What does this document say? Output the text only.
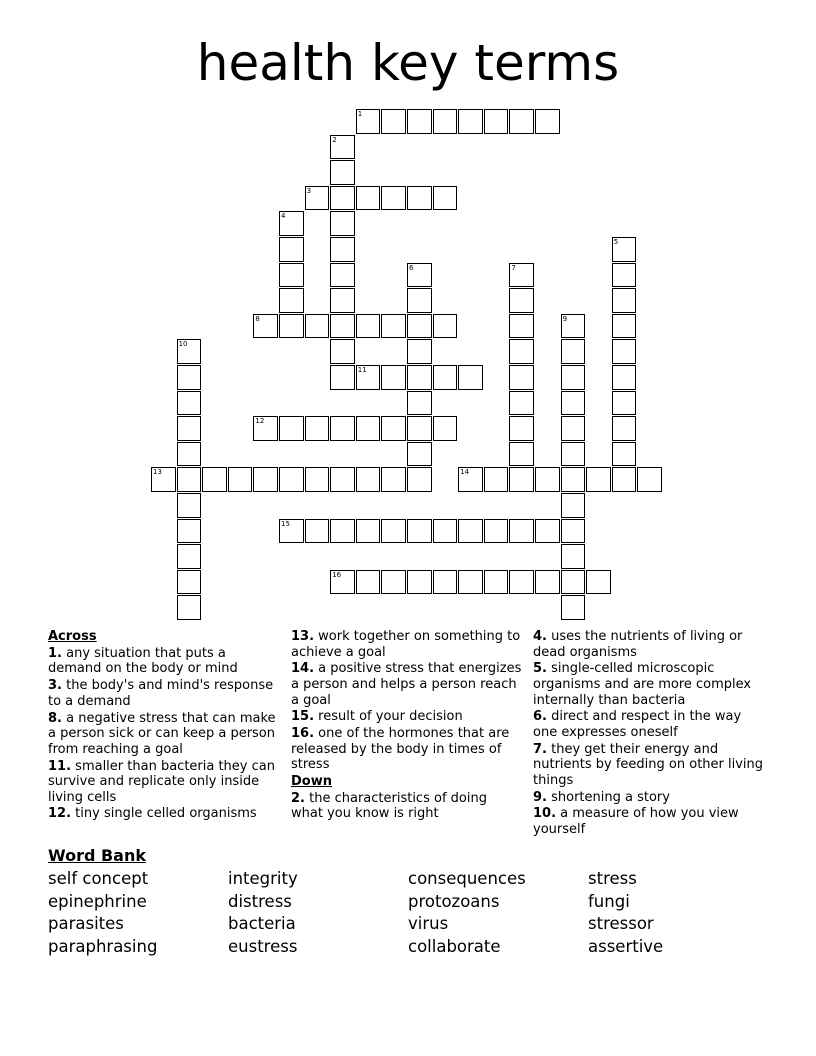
health key terms
1
2
3
4
5
6	7
8	9
10
11
12
13	14
15
16
Across
1. any situation that puts a demand on the body or mind
3. the body's and mind's response to a demand
8. a negative stress that can make a person sick or can keep a person from reaching a goal
11. smaller than bacteria they can survive and replicate only inside living cells
12. tiny single celled organisms
13. work together on something to achieve a goal
14. a positive stress that energizes a person and helps a person reach a goal
15. result of your decision
16. one of the hormones that are released by the body in times of stress
Down
2. the characteristics of doing what you know is right
4. uses the nutrients of living or dead organisms
5. single-celled microscopic organisms and are more complex internally than bacteria
6. direct and respect in the way one expresses oneself
7. they get their energy and nutrients by feeding on other living things
9. shortening a story
10. a measure of how you view yourself
Word Bank
self concept	integrity	consequences	stress
epinephrine	distress	protozoans	fungi
parasites	bacteria	virus	stressor
paraphrasing	eustress	collaborate	assertive
